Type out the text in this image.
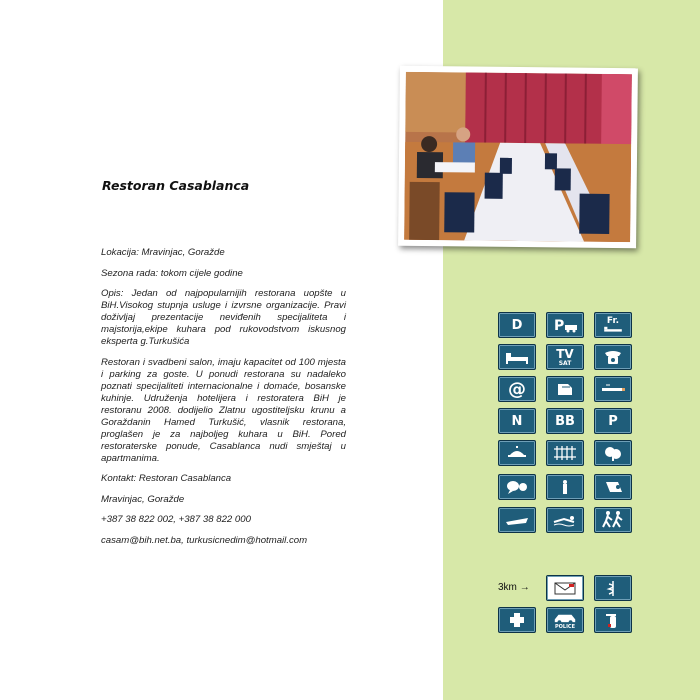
Restoran Casablanca

Lokacija: Mravinjac, Goražde

Sezona rada: tokom cijele godine

Opis: Jedan od najpopularnijih restorana uopšte u BiH.Visokog stupnja usluge i izvrsne organizacije. Pravi doživljaj prezentacije neviđenih specijaliteta i majstorija,ekipe kuhara pod rukovodstvom iskusnog eksperta g.Turkušića

Restoran i svadbeni salon, imaju kapacitet od 100 mjesta i parking za goste. U ponudi restorana su nadaleko poznati specijaliteti internacionalne i domaće, bosanske kuhinje. Udruženja hotelijera i restoratera BiH je restoranu 2008. dodijelio Zlatnu ugostiteljsku krunu a Goraždanin Hamed Turkušić, vlasnik restorana, proglašen je za najboljeg kuhara u BiH. Pored restoraterske ponude, Casablanca nudi smještaj u apartmanima.

Kontakt: Restoran Casablanca

Mravinjac, Goražde

+387 38 822 002, +387 38 822 000

casam@bih.net.ba, turkusicnedim@hotmail.com

D P	Fr.
TV
SAT
@
N	BB	P
3km →
POLICE
